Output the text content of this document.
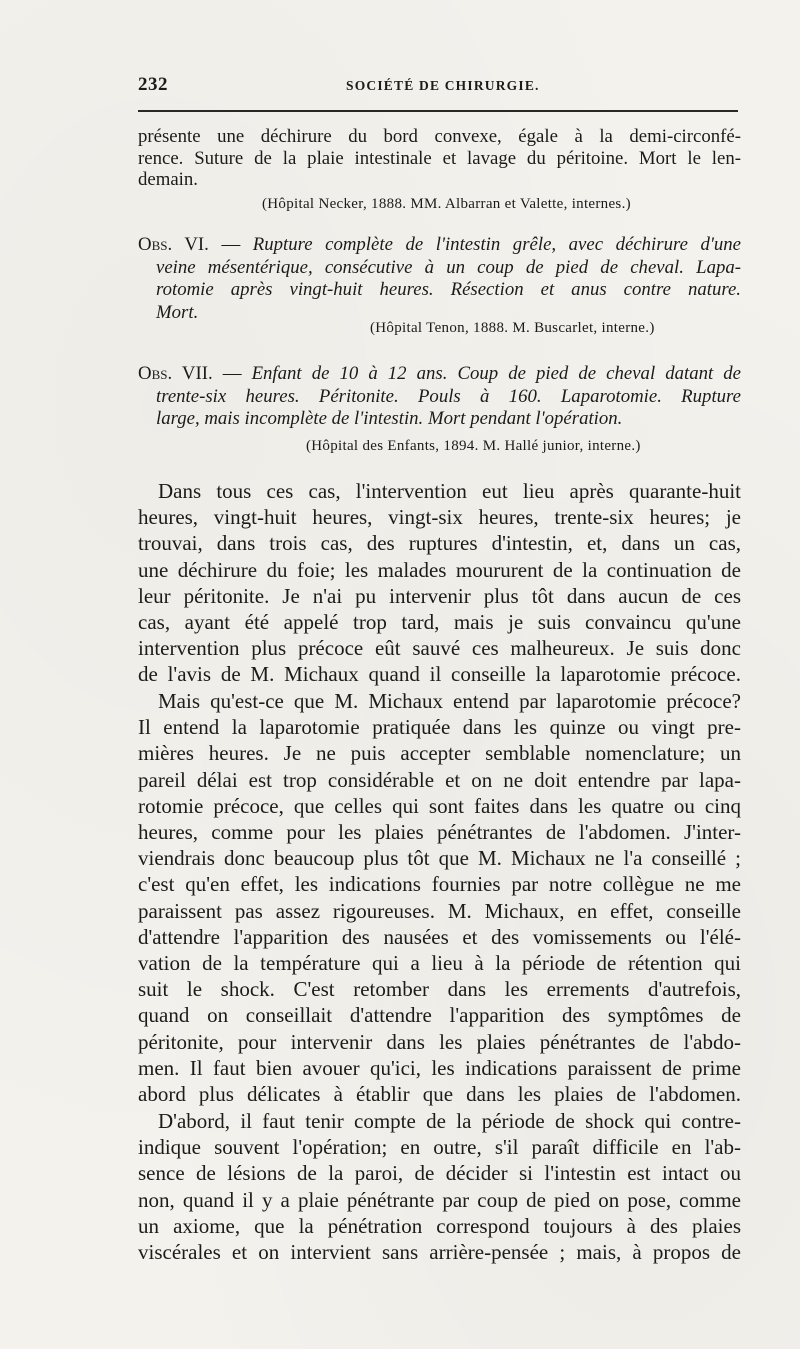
232	SOCIÉTÉ DE CHIRURGIE.
présente une déchirure du bord convexe, égale à la demi-circonfé-
rence. Suture de la plaie intestinale et lavage du péritoine. Mort le len-
demain.
(Hôpital Necker, 1888. MM. Albarran et Valette, internes.)
Obs. VI. — Rupture complète de l'intestin grêle, avec déchirure d'une
veine mésentérique, consécutive à un coup de pied de cheval. Lapa-
rotomie après vingt-huit heures. Résection et anus contre nature.
Mort.
(Hôpital Tenon, 1888. M. Buscarlet, interne.)
Obs. VII. — Enfant de 10 à 12 ans. Coup de pied de cheval datant de
trente-six heures. Péritonite. Pouls à 160. Laparotomie. Rupture
large, mais incomplète de l'intestin. Mort pendant l'opération.
(Hôpital des Enfants, 1894. M. Hallé junior, interne.)
Dans tous ces cas, l'intervention eut lieu après quarante-huit
heures, vingt-huit heures, vingt-six heures, trente-six heures; je
trouvai, dans trois cas, des ruptures d'intestin, et, dans un cas,
une déchirure du foie; les malades moururent de la continuation de
leur péritonite. Je n'ai pu intervenir plus tôt dans aucun de ces
cas, ayant été appelé trop tard, mais je suis convaincu qu'une
intervention plus précoce eût sauvé ces malheureux. Je suis donc
de l'avis de M. Michaux quand il conseille la laparotomie précoce.
Mais qu'est-ce que M. Michaux entend par laparotomie précoce?
Il entend la laparotomie pratiquée dans les quinze ou vingt pre-
mières heures. Je ne puis accepter semblable nomenclature; un
pareil délai est trop considérable et on ne doit entendre par lapa-
rotomie précoce, que celles qui sont faites dans les quatre ou cinq
heures, comme pour les plaies pénétrantes de l'abdomen. J'inter-
viendrais donc beaucoup plus tôt que M. Michaux ne l'a conseillé ;
c'est qu'en effet, les indications fournies par notre collègue ne me
paraissent pas assez rigoureuses. M. Michaux, en effet, conseille
d'attendre l'apparition des nausées et des vomissements ou l'élé-
vation de la température qui a lieu à la période de rétention qui
suit le shock. C'est retomber dans les errements d'autrefois,
quand on conseillait d'attendre l'apparition des symptômes de
péritonite, pour intervenir dans les plaies pénétrantes de l'abdo-
men. Il faut bien avouer qu'ici, les indications paraissent de prime
abord plus délicates à établir que dans les plaies de l'abdomen.
D'abord, il faut tenir compte de la période de shock qui contre-
indique souvent l'opération; en outre, s'il paraît difficile en l'ab-
sence de lésions de la paroi, de décider si l'intestin est intact ou
non, quand il y a plaie pénétrante par coup de pied on pose, comme
un axiome, que la pénétration correspond toujours à des plaies
viscérales et on intervient sans arrière-pensée ; mais, à propos de
